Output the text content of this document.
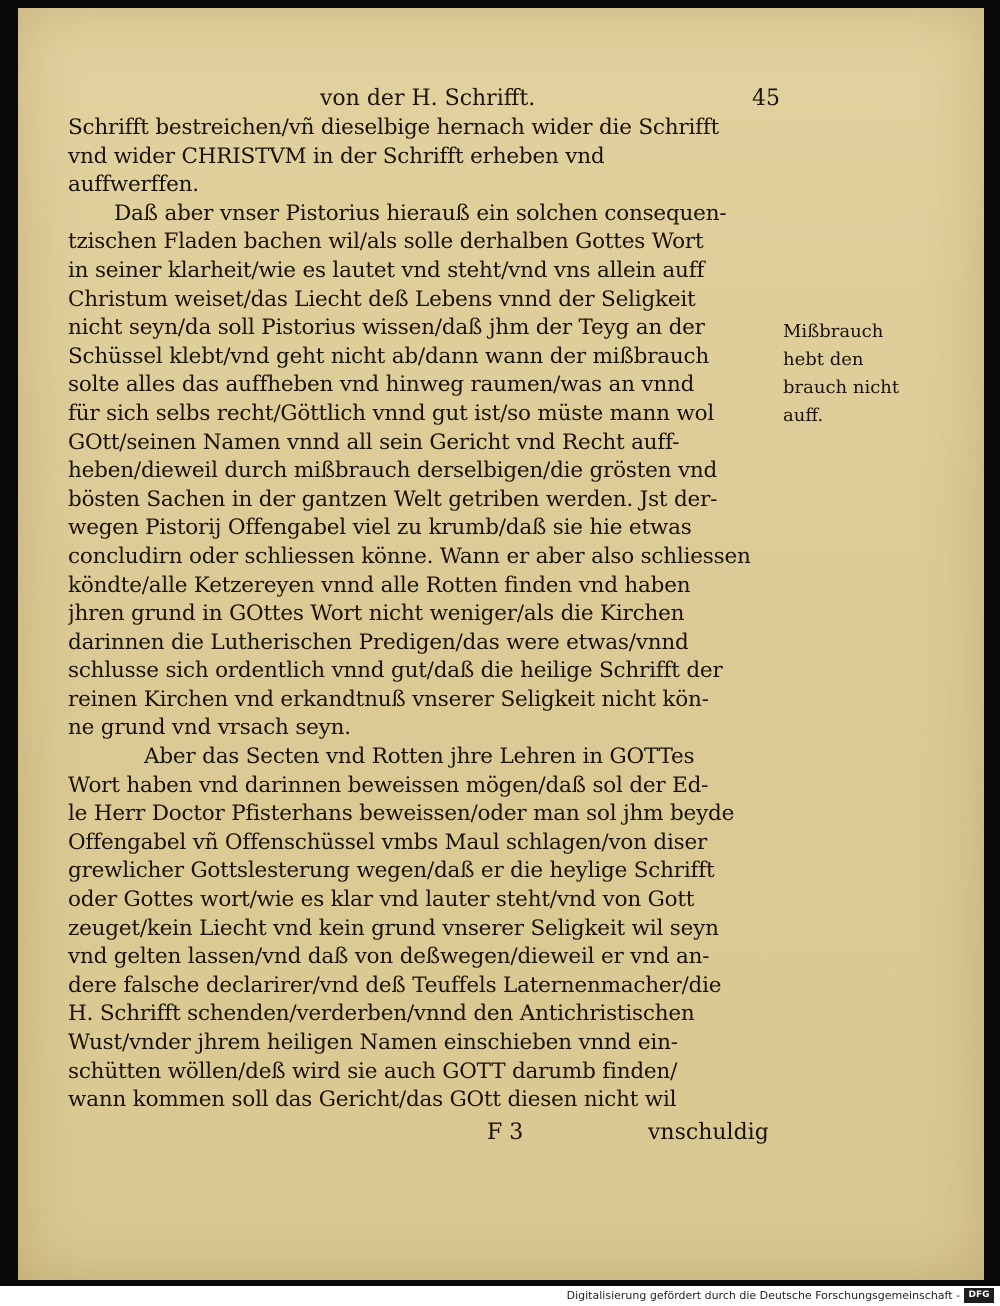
von der H. Schrifft.	45
Schrifft bestreichen/vñ dieselbige hernach wider die Schrifft
vnd wider CHRISTVM in der Schrifft erheben vnd
auffwerffen.
Daß aber vnser Pistorius hierauß ein solchen consequen-
tzischen Fladen bachen wil/als solle derhalben Gottes Wort
in seiner klarheit/wie es lautet vnd steht/vnd vns allein auff
Christum weiset/das Liecht deß Lebens vnnd der Seligkeit
nicht seyn/da soll Pistorius wissen/daß jhm der Teyg an der
Schüssel klebt/vnd geht nicht ab/dann wann der mißbrauch
solte alles das auffheben vnd hinweg raumen/was an vnnd
für sich selbs recht/Göttlich vnnd gut ist/so müste mann wol
GOtt/seinen Namen vnnd all sein Gericht vnd Recht auff-
heben/dieweil durch mißbrauch derselbigen/die grösten vnd
bösten Sachen in der gantzen Welt getriben werden. Jst der-
wegen Pistorij Offengabel viel zu krumb/daß sie hie etwas
concludirn oder schliessen könne. Wann er aber also schliessen
köndte/alle Ketzereyen vnnd alle Rotten finden vnd haben
jhren grund in GOttes Wort nicht weniger/als die Kirchen
darinnen die Lutherischen Predigen/das were etwas/vnnd
schlusse sich ordentlich vnnd gut/daß die heilige Schrifft der
reinen Kirchen vnd erkandtnuß vnserer Seligkeit nicht kön-
ne grund vnd vrsach seyn.
Aber das Secten vnd Rotten jhre Lehren in GOTTes
Wort haben vnd darinnen beweissen mögen/daß sol der Ed-
le Herr Doctor Pfisterhans beweissen/oder man sol jhm beyde
Offengabel vñ Offenschüssel vmbs Maul schlagen/von diser
grewlicher Gottslesterung wegen/daß er die heylige Schrifft
oder Gottes wort/wie es klar vnd lauter steht/vnd von Gott
zeuget/kein Liecht vnd kein grund vnserer Seligkeit wil seyn
vnd gelten lassen/vnd daß von deßwegen/dieweil er vnd an-
dere falsche declarirer/vnd deß Teuffels Laternenmacher/die
H. Schrifft schenden/verderben/vnnd den Antichristischen
Wust/vnder jhrem heiligen Namen einschieben vnnd ein-
schütten wöllen/deß wird sie auch GOTT darumb finden/
wann kommen soll das Gericht/das GOtt diesen nicht wil
Mißbrauch
hebt den
brauch nicht
auff.
F 3	vnschuldig
Digitalisierung gefördert durch die Deutsche Forschungsgemeinschaft - DFG
